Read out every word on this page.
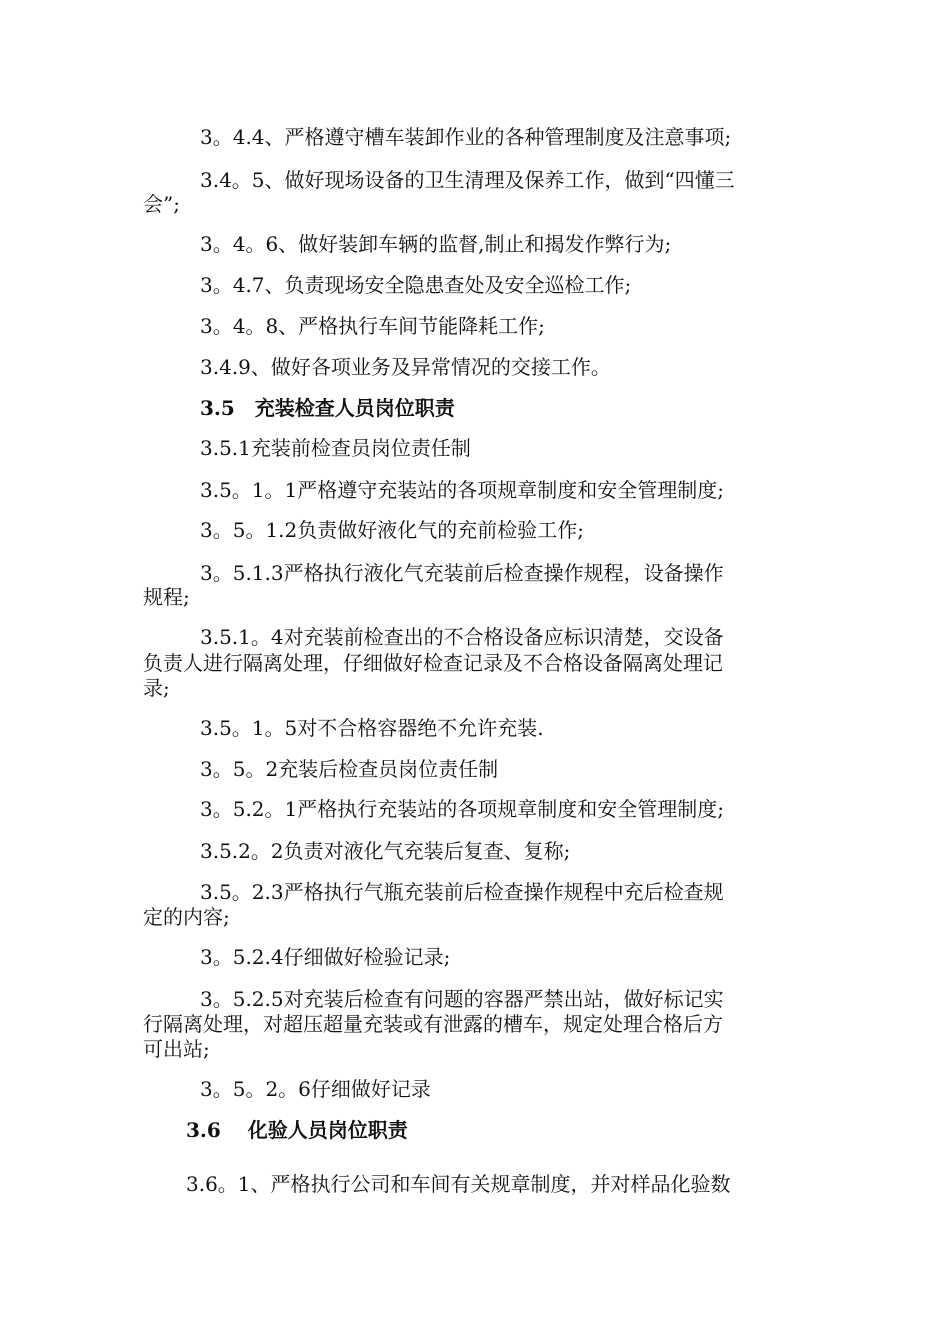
3。4.4、严格遵守槽车装卸作业的各种管理制度及注意事项;
3.4。5、做好现场设备的卫生清理及保养工作，做到“四懂三
会”;
3。4。6、做好装卸车辆的监督,制止和揭发作弊行为;
3。4.7、负责现场安全隐患查处及安全巡检工作;
3。4。8、严格执行车间节能降耗工作;
3.4.9、做好各项业务及异常情况的交接工作。
3.5　充装检查人员岗位职责
3.5.1充装前检查员岗位责任制
3.5。1。1严格遵守充装站的各项规章制度和安全管理制度;
3。5。1.2负责做好液化气的充前检验工作;
3。5.1.3严格执行液化气充装前后检查操作规程，设备操作
规程;
3.5.1。4对充装前检查出的不合格设备应标识清楚，交设备
负责人进行隔离处理，仔细做好检查记录及不合格设备隔离处理记
录;
3.5。1。5对不合格容器绝不允许充装.
3。5。2充装后检查员岗位责任制
3。5.2。1严格执行充装站的各项规章制度和安全管理制度;
3.5.2。2负责对液化气充装后复查、复称;
3.5。2.3严格执行气瓶充装前后检查操作规程中充后检查规
定的内容;
3。5.2.4仔细做好检验记录;
3。5.2.5对充装后检查有问题的容器严禁出站，做好标记实
行隔离处理，对超压超量充装或有泄露的槽车，规定处理合格后方
可出站;
3。5。2。6仔细做好记录
3.6　 化验人员岗位职责
3.6。1、严格执行公司和车间有关规章制度，并对样品化验数
